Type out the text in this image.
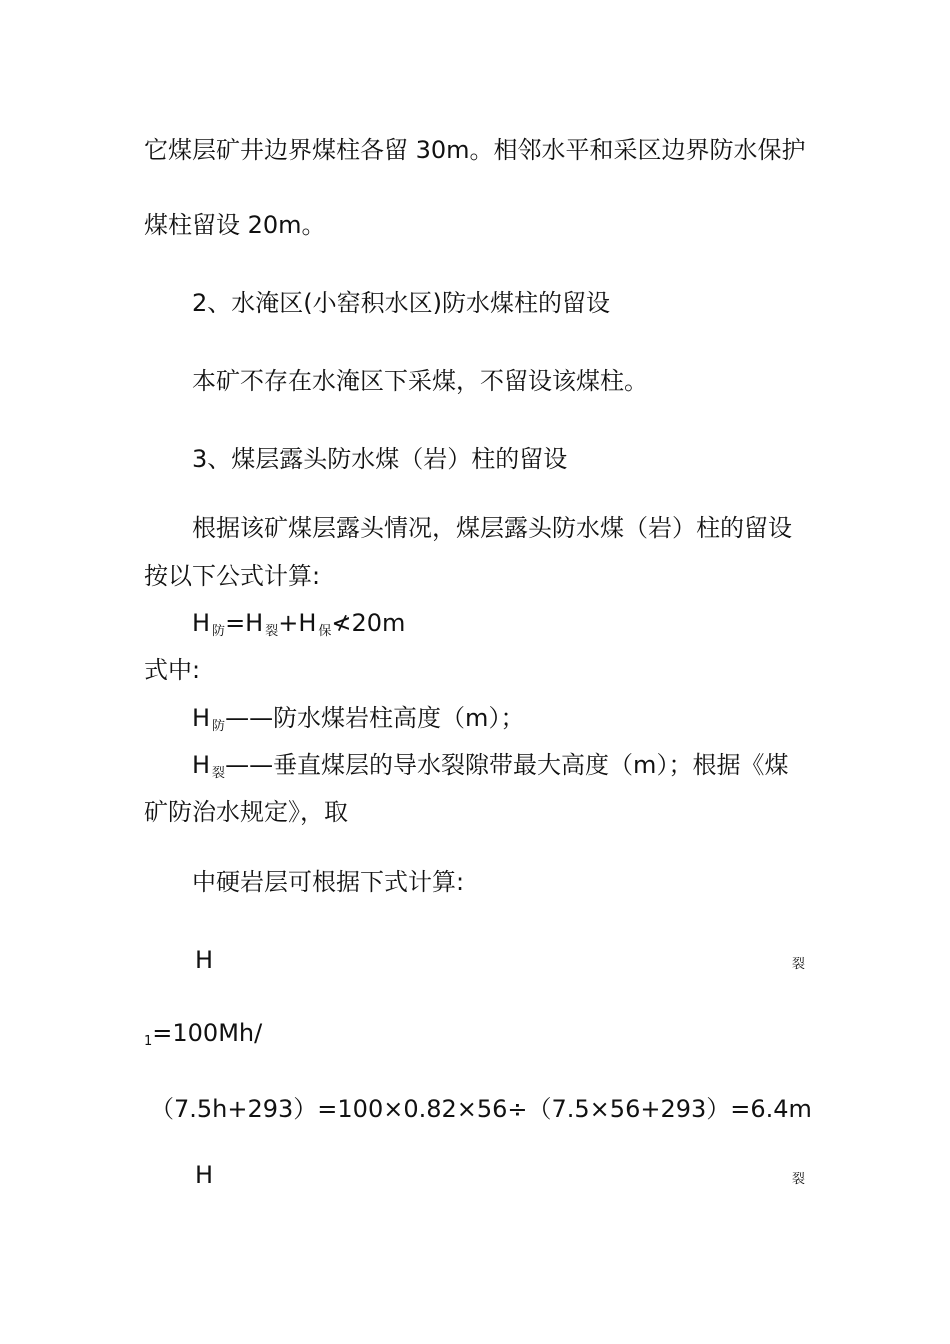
它煤层矿井边界煤柱各留 30m。相邻水平和采区边界防水保护
煤柱留设 20m。
2、水淹区(小窑积水区)防水煤柱的留设
本矿不存在水淹区下采煤，不留设该煤柱。
3、煤层露头防水煤（岩）柱的留设
根据该矿煤层露头情况，煤层露头防水煤（岩）柱的留设
按以下公式计算:
H $_防$=H $_裂$+H $_保$≮20m
式中:
H $_防$——防水煤岩柱高度（m）；
H $_裂$——垂直煤层的导水裂隙带最大高度（m）；根据《煤
矿防治水规定》，取
中硬岩层可根据下式计算:
H	裂
1=100Mh/
（7.5h+293）=100×0.82×56÷（7.5×56+293）=6.4m
H	裂
